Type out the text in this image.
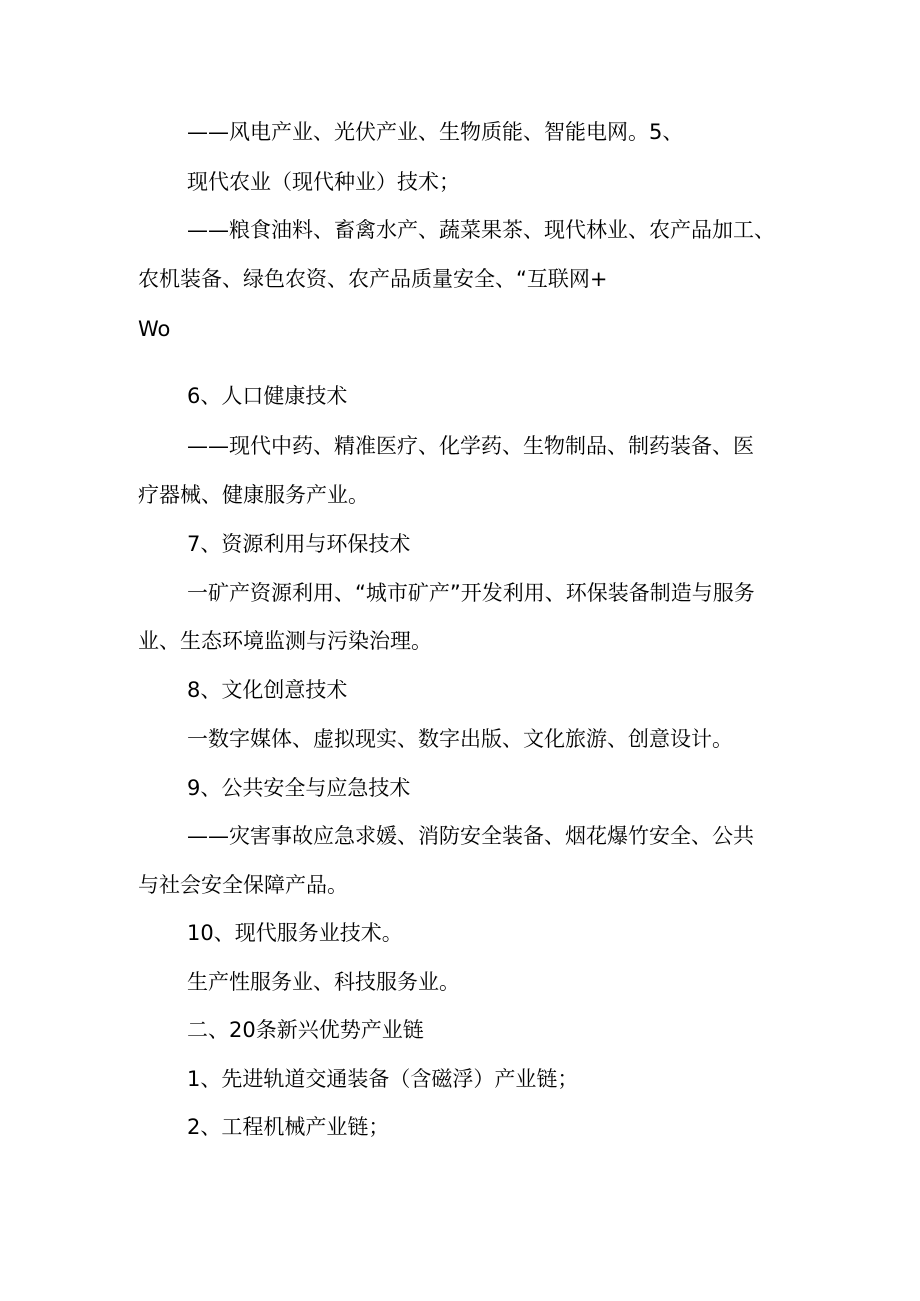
——风电产业、光伏产业、生物质能、智能电网。5、

现代农业（现代种业）技术；

——粮食油料、畜禽水产、蔬菜果茶、现代林业、农产品加工、

农机装备、绿色农资、农产品质量安全、“互联网+

Wo

6、人口健康技术

——现代中药、精准医疗、化学药、生物制品、制药装备、医

疗器械、健康服务产业。

7、资源利用与环保技术

一矿产资源利用、“城市矿产”开发利用、环保装备制造与服务

业、生态环境监测与污染治理。

8、文化创意技术

一数字媒体、虚拟现实、数字出版、文化旅游、创意设计。

9、公共安全与应急技术

——灾害事故应急求媛、消防安全装备、烟花爆竹安全、公共

与社会安全保障产品。

10、现代服务业技术。

生产性服务业、科技服务业。

二、20条新兴优势产业链

1、先进轨道交通装备（含磁浮）产业链；

2、工程机械产业链；
